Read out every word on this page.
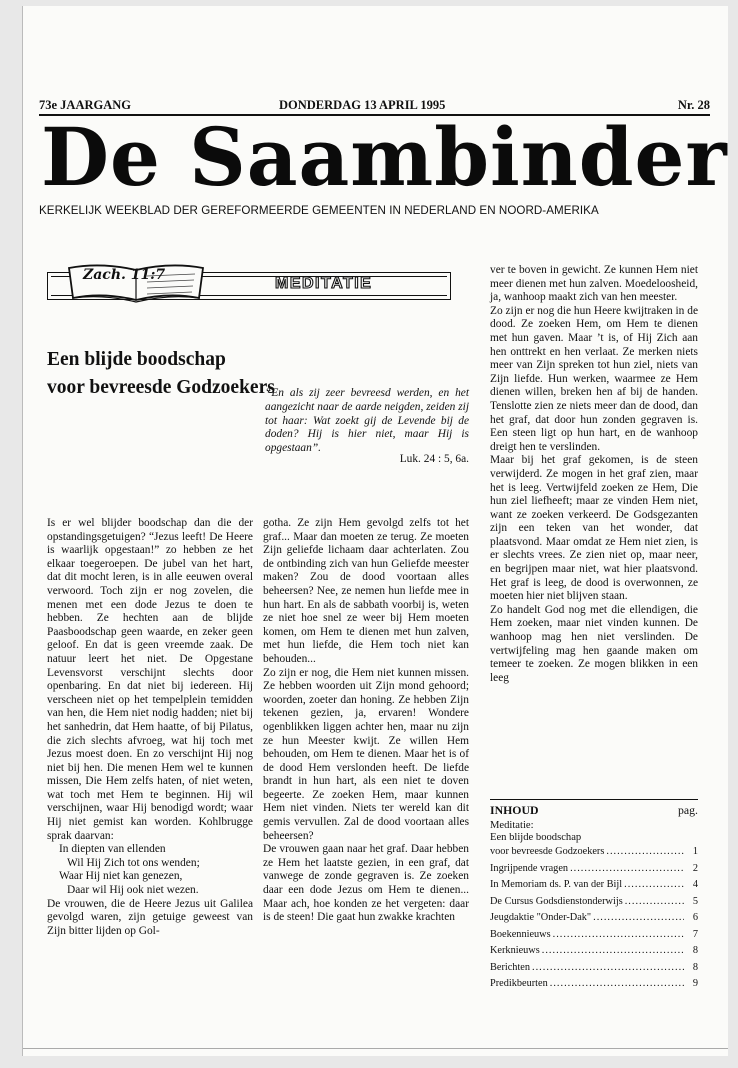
73e JAARGANG	DONDERDAG 13 APRIL 1995	Nr. 28
De Saambinder
KERKELIJK WEEKBLAD DER GEREFORMEERDE GEMEENTEN IN NEDERLAND EN NOORD-AMERIKA
Zach. 11:7	MEDITATIE
Een blijde boodschap
voor bevreesde Godzoekers
“En als zij zeer bevreesd werden, en het aangezicht naar de aarde neigden, zeiden zij tot haar: Wat zoekt gij de Levende bij de doden? Hij is hier niet, maar Hij is opgestaan”.
Luk. 24 : 5, 6a.

Is er wel blijder boodschap dan die der opstandingsgetuigen? “Jezus leeft! De Heere is waarlijk opgestaan!” zo hebben ze het elkaar toegeroepen. De jubel van het hart, dat dit mocht leren, is in alle eeuwen overal verwoord. Toch zijn er nog zovelen, die menen met een dode Jezus te doen te hebben. Ze hechten aan de blijde Paasboodschap geen waarde, en zeker geen geloof. En dat is geen vreemde zaak. De natuur leert het niet. De Opgestane Levensvorst verschijnt slechts door openbaring. En dat niet bij iedereen. Hij verscheen niet op het tempelplein temidden van hen, die Hem niet nodig hadden; niet bij het sanhedrin, dat Hem haatte, of bij Pilatus, die zich slechts afvroeg, wat hij toch met Jezus moest doen. En zo verschijnt Hij nog niet bij hen. Die menen Hem wel te kunnen missen, Die Hem zelfs haten, of niet weten, wat toch met Hem te beginnen. Hij wil verschijnen, waar Hij benodigd wordt; waar Hij niet gemist kan worden. Kohlbrugge sprak daarvan:

In diepten van ellenden

Wil Hij Zich tot ons wenden;

Waar Hij niet kan genezen,

Daar wil Hij ook niet wezen.

De vrouwen, die de Heere Jezus uit Galilea gevolgd waren, zijn getuige geweest van Zijn bitter lijden op Gol-

gotha. Ze zijn Hem gevolgd zelfs tot het graf... Maar dan moeten ze terug. Ze moeten Zijn geliefde lichaam daar achterlaten. Zou de ontbinding zich van hun Geliefde meester maken? Zou de dood voortaan alles beheersen? Nee, ze nemen hun liefde mee in hun hart. En als de sabbath voorbij is, weten ze niet hoe snel ze weer bij Hem moeten komen, om Hem te dienen met hun zalven, met hun liefde, die Hem toch niet kan behouden...

Zo zijn er nog, die Hem niet kunnen missen. Ze hebben woorden uit Zijn mond gehoord; woorden, zoeter dan honing. Ze hebben Zijn tekenen gezien, ja, ervaren! Wondere ogenblikken liggen achter hen, maar nu zijn ze hun Meester kwijt. Ze willen Hem behouden, om Hem te dienen. Maar het is of de dood Hem verslonden heeft. De liefde brandt in hun hart, als een niet te doven begeerte. Ze zoeken Hem, maar kunnen Hem niet vinden. Niets ter wereld kan dit gemis vervullen. Zal de dood voortaan alles beheersen?

De vrouwen gaan naar het graf. Daar hebben ze Hem het laatste gezien, in een graf, dat vanwege de zonde gegraven is. Ze zoeken daar een dode Jezus om Hem te dienen... Maar ach, hoe konden ze het vergeten: daar is de steen! Die gaat hun zwakke krachten

ver te boven in gewicht. Ze kunnen Hem niet meer dienen met hun zalven. Moedeloosheid, ja, wanhoop maakt zich van hen meester.

Zo zijn er nog die hun Heere kwijtraken in de dood. Ze zoeken Hem, om Hem te dienen met hun gaven. Maar ’t is, of Hij Zich aan hen onttrekt en hen verlaat. Ze merken niets meer van Zijn spreken tot hun ziel, niets van Zijn liefde. Hun werken, waarmee ze Hem dienen willen, breken hen af bij de handen. Tenslotte zien ze niets meer dan de dood, dan het graf, dat door hun zonden gegraven is. Een steen ligt op hun hart, en de wanhoop dreigt hen te verslinden.

Maar bij het graf gekomen, is de steen verwijderd. Ze mogen in het graf zien, maar het is leeg. Vertwijfeld zoeken ze Hem, Die hun ziel liefheeft; maar ze vinden Hem niet, want ze zoeken verkeerd. De Godsgezanten zijn een teken van het wonder, dat plaatsvond. Maar omdat ze Hem niet zien, is er slechts vrees. Ze zien niet op, maar neer, en begrijpen maar niet, wat hier plaatsvond. Het graf is leeg, de dood is overwonnen, ze moeten hier niet blijven staan.

Zo handelt God nog met die ellendigen, die Hem zoeken, maar niet vinden kunnen. De wanhoop mag hen niet verslinden. De vertwijfeling mag hen gaande maken om temeer te zoeken. Ze mogen blikken in een leeg

INHOUD	pag.
Meditatie:
Een blijde boodschap
voor bevreesde Godzoekers .....	1
Ingrijpende vragen .....	2
In Memoriam ds. P. van der Bijl .....	4
De Cursus Godsdienstonderwijs .....	5
Jeugdaktie "Onder-Dak" .....	6
Boekennieuws .....	7
Kerknieuws .....	8
Berichten .....	8
Predikbeurten .....	9
